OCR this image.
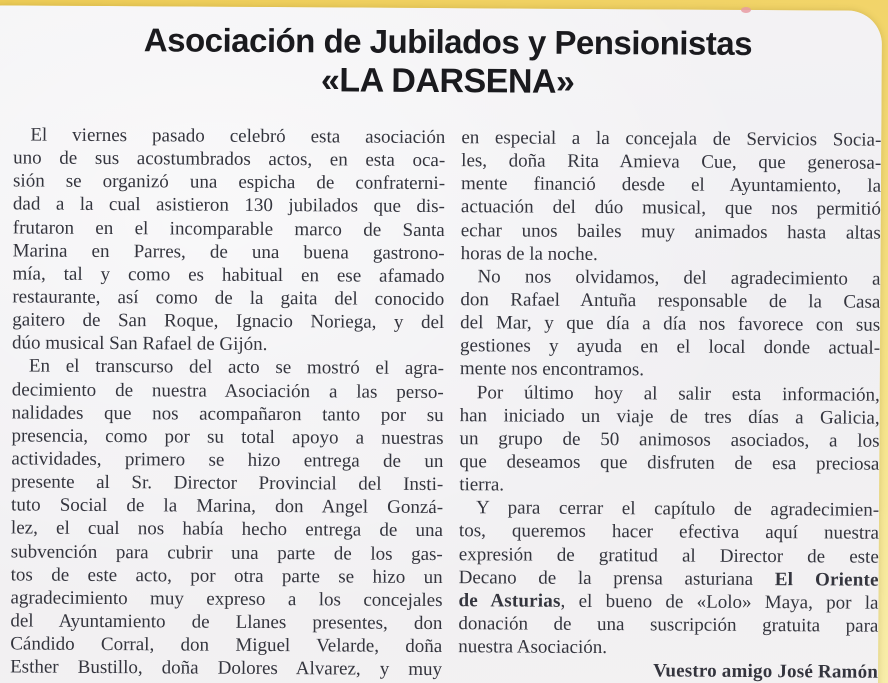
Asociación de Jubilados y Pensionistas
«LA DARSENA»
El viernes pasado celebró esta asociación
uno de sus acostumbrados actos, en esta oca-
sión se organizó una espicha de confraterni-
dad a la cual asistieron 130 jubilados que dis-
frutaron en el incomparable marco de Santa
Marina en Parres, de una buena gastrono-
mía, tal y como es habitual en ese afamado
restaurante, así como de la gaita del conocido
gaitero de San Roque, Ignacio Noriega, y del
dúo musical San Rafael de Gijón.
En el transcurso del acto se mostró el agra-
decimiento de nuestra Asociación a las perso-
nalidades que nos acompañaron tanto por su
presencia, como por su total apoyo a nuestras
actividades, primero se hizo entrega de un
presente al Sr. Director Provincial del Insti-
tuto Social de la Marina, don Angel Gonzá-
lez, el cual nos había hecho entrega de una
subvención para cubrir una parte de los gas-
tos de este acto, por otra parte se hizo un
agradecimiento muy expreso a los concejales
del Ayuntamiento de Llanes presentes, don
Cándido Corral, don Miguel Velarde, doña
Esther Bustillo, doña Dolores Alvarez, y muy
en especial a la concejala de Servicios Socia-
les, doña Rita Amieva Cue, que generosa-
mente financió desde el Ayuntamiento, la
actuación del dúo musical, que nos permitió
echar unos bailes muy animados hasta altas
horas de la noche.
No nos olvidamos, del agradecimiento a
don Rafael Antuña responsable de la Casa
del Mar, y que día a día nos favorece con sus
gestiones y ayuda en el local donde actual-
mente nos encontramos.
Por último hoy al salir esta información,
han iniciado un viaje de tres días a Galicia,
un grupo de 50 animosos asociados, a los
que deseamos que disfruten de esa preciosa
tierra.
Y para cerrar el capítulo de agradecimien-
tos, queremos hacer efectiva aquí nuestra
expresión de gratitud al Director de este
Decano de la prensa asturiana El Oriente
de Asturias, el bueno de «Lolo» Maya, por la
donación de una suscripción gratuita para
nuestra Asociación.
Vuestro amigo José Ramón
